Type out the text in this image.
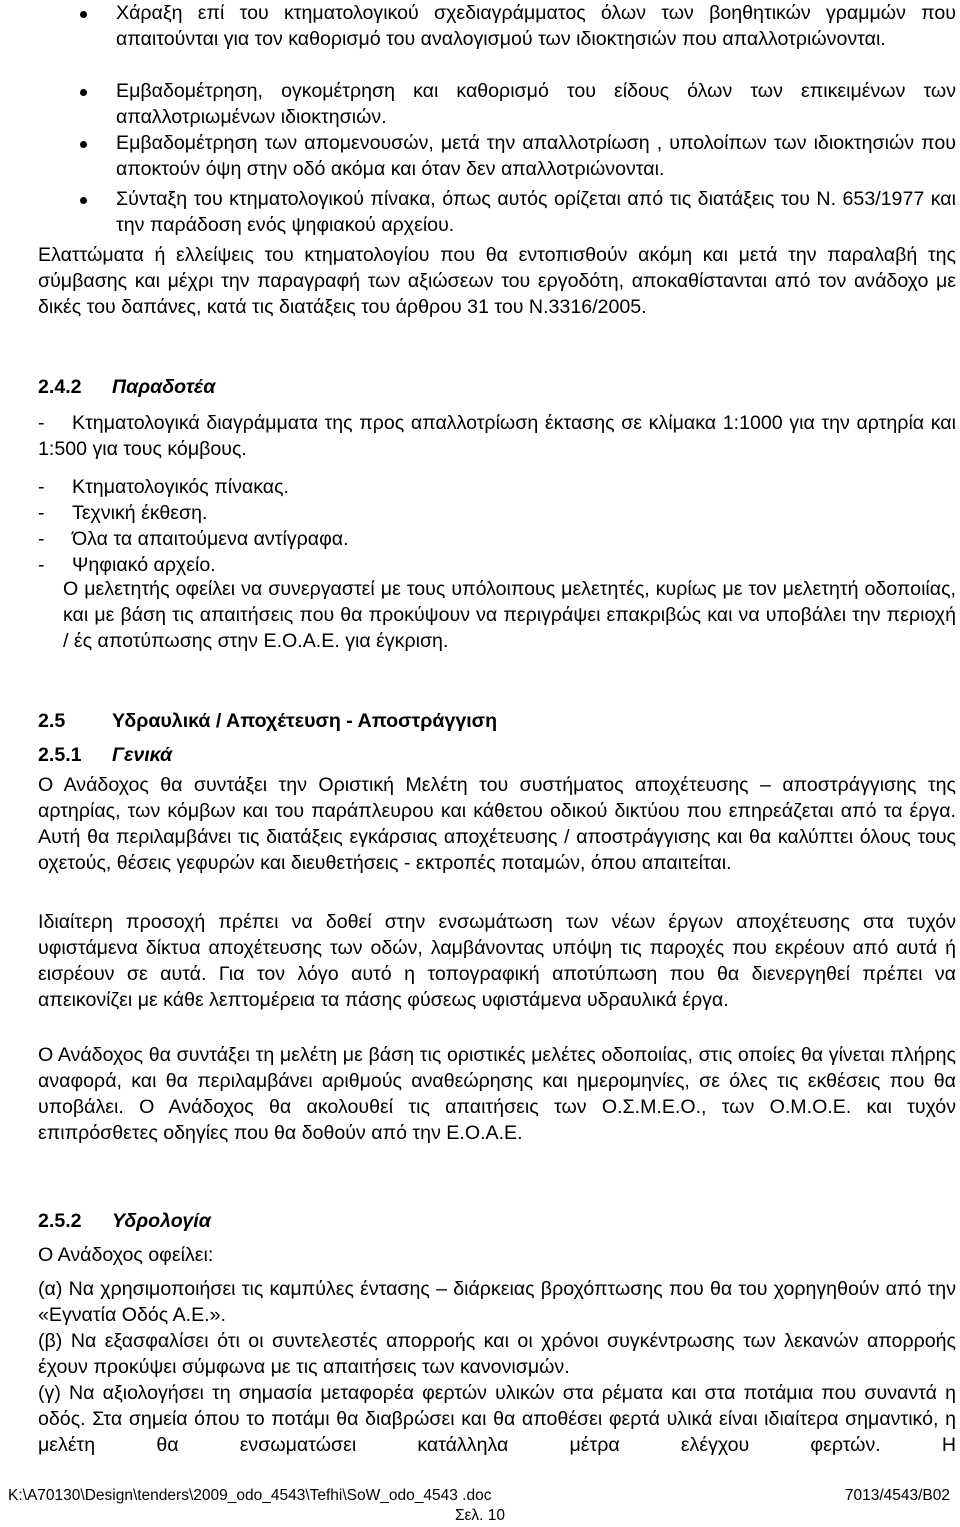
Χάραξη επί του κτηματολογικού σχεδιαγράμματος όλων των βοηθητικών γραμμών που απαιτούνται για τον καθορισμό του αναλογισμού των ιδιοκτησιών που απαλλοτριώνονται.
Εμβαδομέτρηση, ογκομέτρηση και καθορισμό του είδους όλων των επικειμένων των απαλλοτριωμένων ιδιοκτησιών.
Εμβαδομέτρηση των απομενουσών, μετά την απαλλοτρίωση , υπολοίπων των ιδιοκτησιών που αποκτούν όψη στην οδό ακόμα και όταν δεν απαλλοτριώνονται.
Σύνταξη του κτηματολογικού πίνακα, όπως αυτός ορίζεται από τις διατάξεις του Ν. 653/1977 και την παράδοση ενός ψηφιακού αρχείου.
Ελαττώματα ή ελλείψεις του κτηματολογίου που θα εντοπισθούν ακόμη και μετά την παραλαβή της σύμβασης και μέχρι την παραγραφή των αξιώσεων του εργοδότη, αποκαθίστανται από τον ανάδοχο με δικές του δαπάνες, κατά τις διατάξεις του άρθρου 31 του Ν.3316/2005.
2.4.2 Παραδοτέα
- Κτηματολογικά διαγράμματα της προς απαλλοτρίωση έκτασης σε κλίμακα 1:1000 για την αρτηρία και 1:500 για τους κόμβους.
- Κτηματολογικός πίνακας.
- Τεχνική έκθεση.
- Όλα τα απαιτούμενα αντίγραφα.
- Ψηφιακό αρχείο.
Ο μελετητής οφείλει να συνεργαστεί με τους υπόλοιπους μελετητές, κυρίως με τον μελετητή οδοποιίας, και με βάση τις απαιτήσεις που θα προκύψουν να περιγράψει επακριβώς και να υποβάλει την περιοχή / ές αποτύπωσης στην Ε.Ο.Α.Ε. για έγκριση.
2.5 Υδραυλικά / Αποχέτευση - Αποστράγγιση
2.5.1 Γενικά
Ο Ανάδοχος θα συντάξει την Οριστική Μελέτη του συστήματος αποχέτευσης – αποστράγγισης της αρτηρίας, των κόμβων και του παράπλευρου και κάθετου οδικού δικτύου που επηρεάζεται από τα έργα. Αυτή θα περιλαμβάνει τις διατάξεις εγκάρσιας αποχέτευσης / αποστράγγισης και θα καλύπτει όλους τους οχετούς, θέσεις γεφυρών και διευθετήσεις - εκτροπές ποταμών, όπου απαιτείται.
Ιδιαίτερη προσοχή πρέπει να δοθεί στην ενσωμάτωση των νέων έργων αποχέτευσης στα τυχόν υφιστάμενα δίκτυα αποχέτευσης των οδών, λαμβάνοντας υπόψη τις παροχές που εκρέουν από αυτά ή εισρέουν σε αυτά. Για τον λόγο αυτό η τοπογραφική αποτύπωση που θα διενεργηθεί πρέπει να απεικονίζει με κάθε λεπτομέρεια τα πάσης φύσεως υφιστάμενα υδραυλικά έργα.
Ο Ανάδοχος θα συντάξει τη μελέτη με βάση τις οριστικές μελέτες οδοποιίας, στις οποίες θα γίνεται πλήρης αναφορά, και θα περιλαμβάνει αριθμούς αναθεώρησης και ημερομηνίες, σε όλες τις εκθέσεις που θα υποβάλει. Ο Ανάδοχος θα ακολουθεί τις απαιτήσεις των Ο.Σ.Μ.Ε.Ο., των Ο.Μ.Ο.Ε. και τυχόν επιπρόσθετες οδηγίες που θα δοθούν από την Ε.Ο.Α.Ε.
2.5.2 Υδρολογία
Ο Ανάδοχος οφείλει:
(α) Να χρησιμοποιήσει τις καμπύλες έντασης – διάρκειας βροχόπτωσης που θα του χορηγηθούν από την «Εγνατία Οδός Α.Ε.».
(β) Να εξασφαλίσει ότι οι συντελεστές απορροής και οι χρόνοι συγκέντρωσης των λεκανών απορροής έχουν προκύψει σύμφωνα με τις απαιτήσεις των κανονισμών.
(γ) Να αξιολογήσει τη σημασία μεταφορέα φερτών υλικών στα ρέματα και στα ποτάμια που συναντά η οδός. Στα σημεία όπου το ποτάμι θα διαβρώσει και θα αποθέσει φερτά υλικά είναι ιδιαίτερα σημαντικό, η μελέτη θα ενσωματώσει κατάλληλα μέτρα ελέγχου φερτών. Η
K:\A70130\Design\tenders\2009_odo_4543\Tefhi\SoW_odo_4543 .doc	7013/4543/B02
Σελ. 10
